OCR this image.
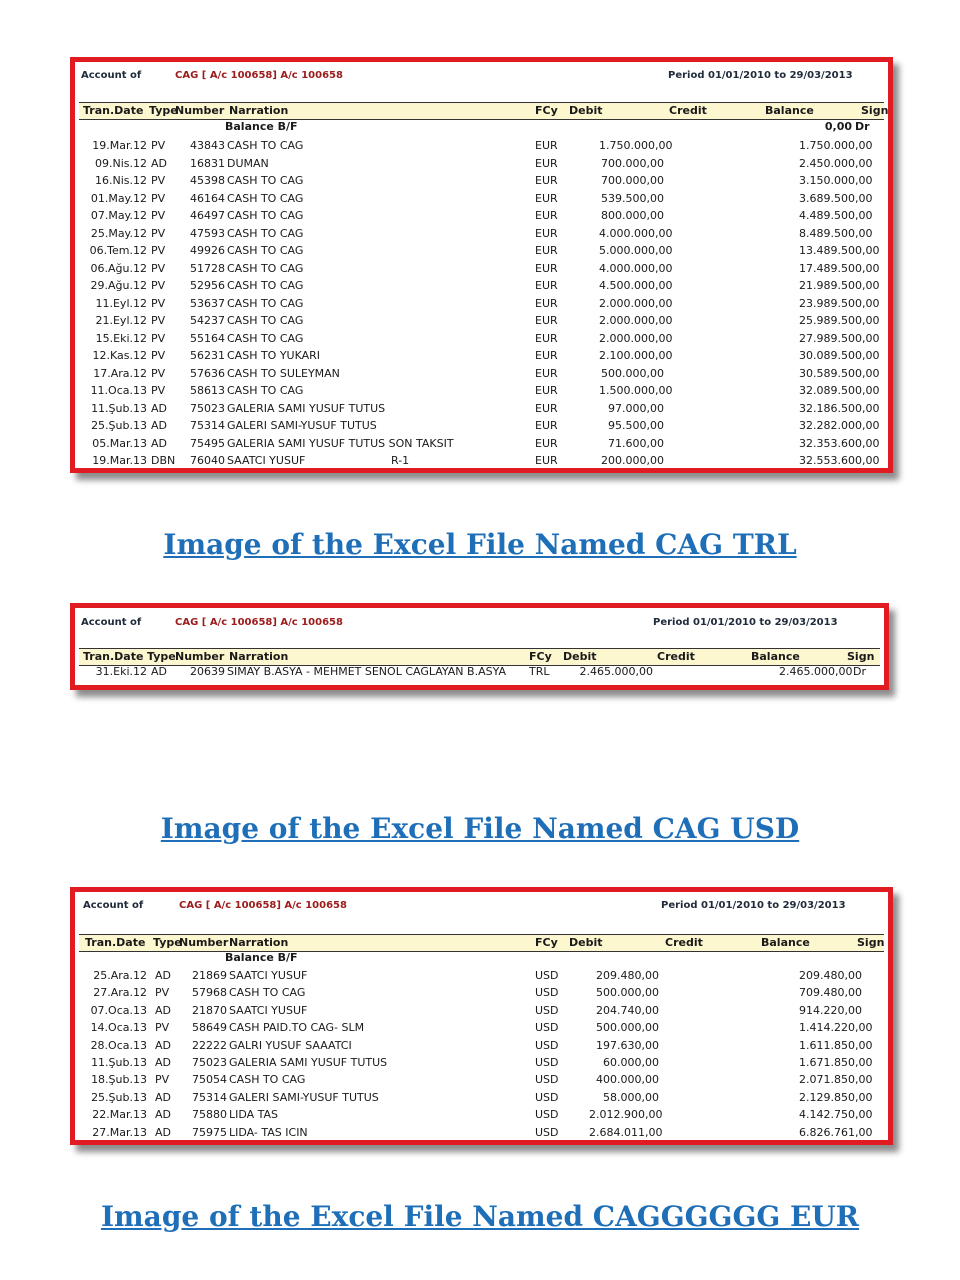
Account of	CAG [ A/c 100658] A/c 100658	Period 01/01/2010 to 29/03/2013
Tran.Date Type
Number Narration	FCy Debit	Credit	Balance	Sign
Balance B/F	0,00 Dr
19.Mar.12 PV	43843 CASH TO CAG	EUR	1.750.000,00	1.750.000,00
09.Nis.12 AD	16831 DUMAN	EUR	700.000,00	2.450.000,00
16.Nis.12 PV	45398 CASH TO CAG	EUR	700.000,00	3.150.000,00
01.May.12 PV	46164 CASH TO CAG	EUR	539.500,00	3.689.500,00
07.May.12 PV	46497 CASH TO CAG	EUR	800.000,00	4.489.500,00
25.May.12 PV	47593 CASH TO CAG	EUR	4.000.000,00	8.489.500,00
06.Tem.12 PV	49926 CASH TO CAG	EUR	5.000.000,00	13.489.500,00
06.Ağu.12 PV	51728 CASH TO CAG	EUR	4.000.000,00	17.489.500,00
29.Ağu.12 PV	52956 CASH TO CAG	EUR	4.500.000,00	21.989.500,00
11.Eyl.12 PV	53637 CASH TO CAG	EUR	2.000.000,00	23.989.500,00
21.Eyl.12 PV	54237 CASH TO CAG	EUR	2.000.000,00	25.989.500,00
15.Eki.12 PV	55164 CASH TO CAG	EUR	2.000.000,00	27.989.500,00
12.Kas.12 PV	56231 CASH TO YUKARI	EUR	2.100.000,00	30.089.500,00
17.Ara.12 PV	57636 CASH TO SULEYMAN	EUR	500.000,00	30.589.500,00
11.Oca.13 PV	58613 CASH TO CAG	EUR	1.500.000,00	32.089.500,00
11.Şub.13 AD	75023 GALERIA SAMI YUSUF TUTUS	EUR	97.000,00	32.186.500,00
25.Şub.13 AD	75314 GALERI SAMI-YUSUF TUTUS	EUR	95.500,00	32.282.000,00
05.Mar.13 AD	75495 GALERIA SAMI YUSUF TUTUS SON TAKSIT	EUR	71.600,00	32.353.600,00
19.Mar.13 DBN	76040 SAATCI YUSUF	R-1	EUR	200.000,00	32.553.600,00
Image of the Excel File Named CAG TRL
Account of	CAG [ A/c 100658] A/c 100658	Period 01/01/2010 to 29/03/2013
Tran.Date Type Number Narration	FCy Debit	Credit	Balance	Sign
31.Eki.12 AD	20639 SIMAY B.ASYA - MEHMET SENOL CAGLAYAN B.ASYA TRL	2.465.000,00	2.465.000,00 Dr
Image of the Excel File Named CAG USD
Account of	CAG [ A/c 100658] A/c 100658	Period 01/01/2010 to 29/03/2013
Tran.Date Type
Number Narration	FCy Debit	Credit	Balance	Sign
Balance B/F
25.Ara.12 AD 21869 SAATCI YUSUF	USD	209.480,00	209.480,00
27.Ara.12 PV 57968 CASH TO CAG	USD	500.000,00	709.480,00
07.Oca.13 AD 21870 SAATCI YUSUF	USD	204.740,00	914.220,00
14.Oca.13 PV 58649 CASH PAID.TO CAG- SLM	USD	500.000,00	1.414.220,00
28.Oca.13 AD 22222 GALRI YUSUF SAAATCI	USD	197.630,00	1.611.850,00
11.Şub.13 AD 75023 GALERIA SAMI YUSUF TUTUS	USD	60.000,00	1.671.850,00
18.Şub.13 PV 75054 CASH TO CAG	USD	400.000,00	2.071.850,00
25.Şub.13 AD 75314 GALERI SAMI-YUSUF TUTUS	USD	58.000,00	2.129.850,00
22.Mar.13 AD 75880 LIDA TAS	USD	2.012.900,00	4.142.750,00
27.Mar.13 AD 75975 LIDA- TAS ICIN	USD	2.684.011,00	6.826.761,00
Image of the Excel File Named CAGGGGGG EUR
